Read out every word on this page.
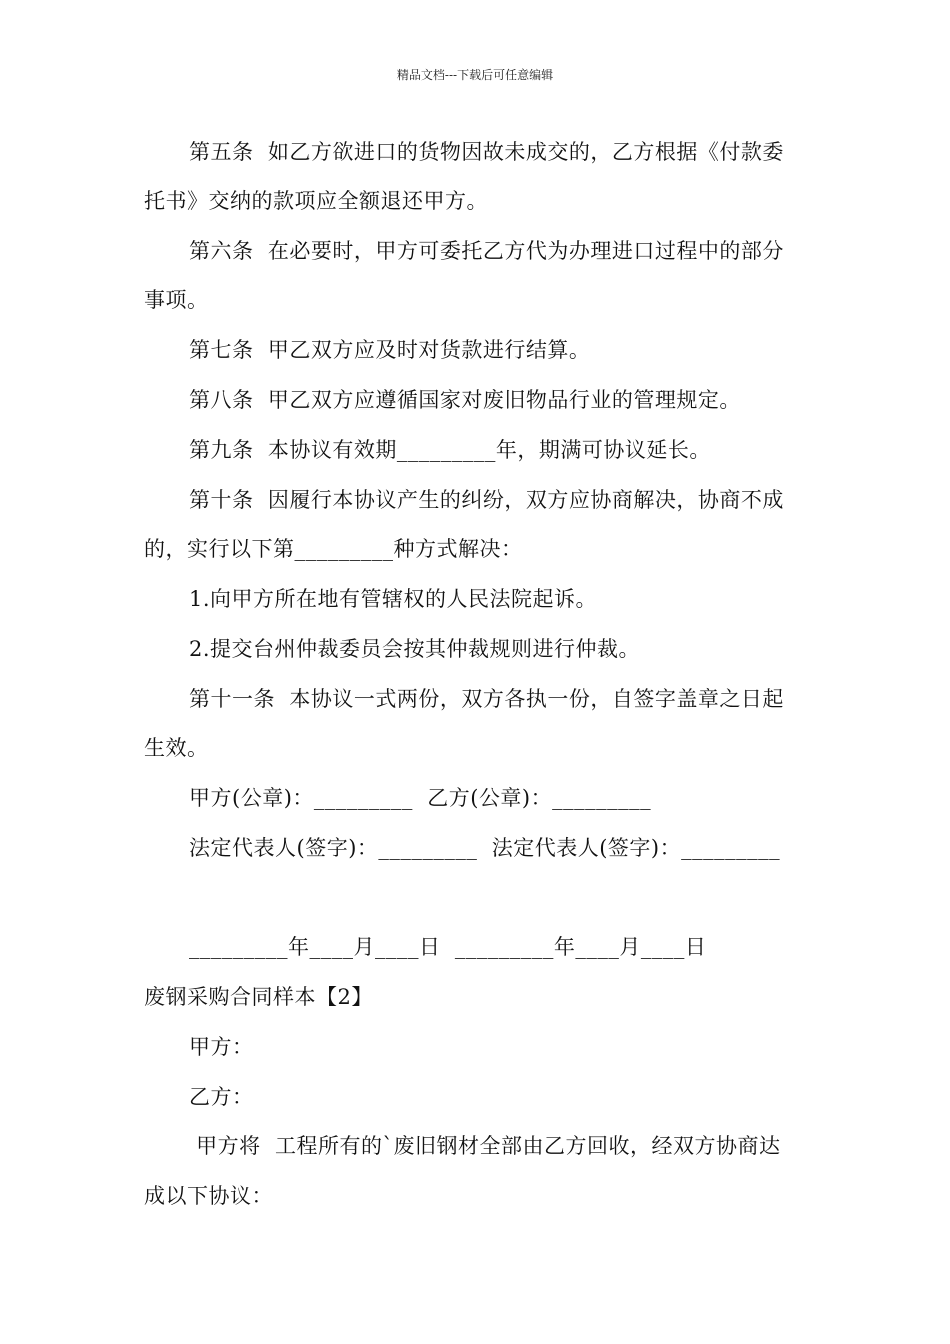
精品文档---下载后可任意编辑
第五条  如乙方欲进口的货物因故未成交的，乙方根据《付款委
托书》交纳的款项应全额退还甲方。
第六条  在必要时，甲方可委托乙方代为办理进口过程中的部分
事项。
第七条  甲乙双方应及时对货款进行结算。
第八条  甲乙双方应遵循国家对废旧物品行业的管理规定。
第九条  本协议有效期_________年，期满可协议延长。
第十条  因履行本协议产生的纠纷，双方应协商解决，协商不成
的，实行以下第_________种方式解决：
1.向甲方所在地有管辖权的人民法院起诉。
2.提交台州仲裁委员会按其仲裁规则进行仲裁。
第十一条  本协议一式两份，双方各执一份，自签字盖章之日起
生效。
甲方(公章)：_________  乙方(公章)：_________
法定代表人(签字)：_________  法定代表人(签字)：_________
_________年____月____日  _________年____月____日
废钢采购合同样本【2】
甲方：
乙方：
甲方将  工程所有的`废旧钢材全部由乙方回收，经双方协商达
成以下协议：
